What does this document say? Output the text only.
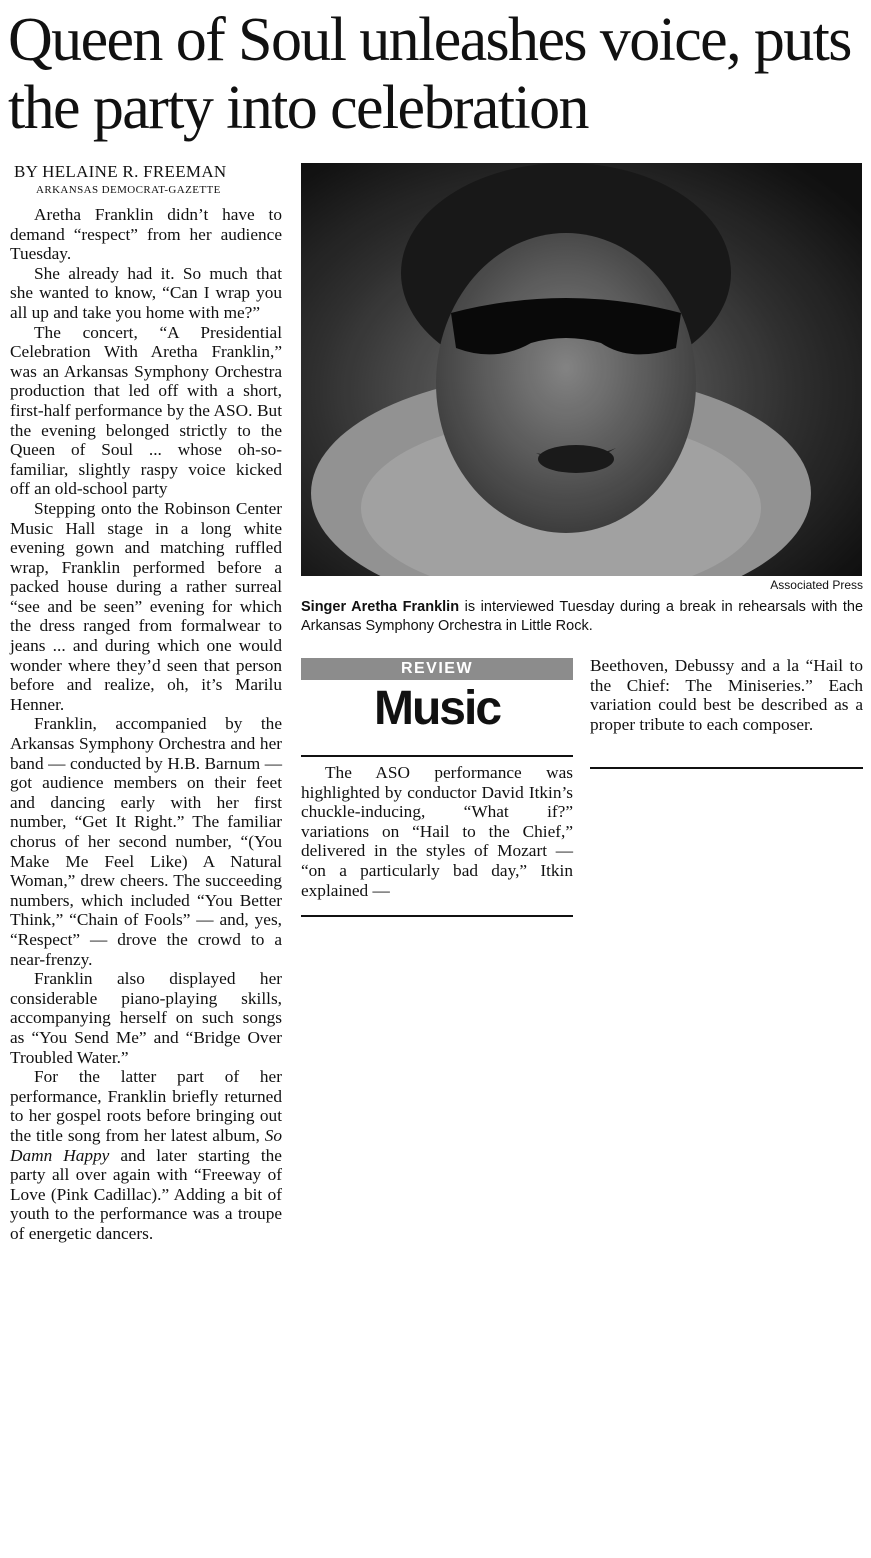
Queen of Soul unleashes voice, puts the party into celebration
BY HELAINE R. FREEMAN
ARKANSAS DEMOCRAT-GAZETTE

Aretha Franklin didn’t have to demand “respect” from her audience Tuesday.

She already had it. So much that she wanted to know, “Can I wrap you all up and take you home with me?”

The concert, “A Presidential Celebration With Aretha Franklin,” was an Arkansas Symphony Orchestra production that led off with a short, first-half performance by the ASO. But the evening belonged strictly to the Queen of Soul ... whose oh-so-familiar, slightly raspy voice kicked off an old-school party

Stepping onto the Robinson Center Music Hall stage in a long white evening gown and matching ruffled wrap, Franklin performed before a packed house during a rather surreal “see and be seen” evening for which the dress ranged from formalwear to jeans ... and during which one would wonder where they’d seen that person before and realize, oh, it’s Marilu Henner.

Franklin, accompanied by the Arkansas Symphony Orchestra and her band — conducted by H.B. Barnum — got audience members on their feet and dancing early with her first number, “Get It Right.” The familiar chorus of her second number, “(You Make Me Feel Like) A Natural Woman,” drew cheers. The succeeding numbers, which included “You Better Think,” “Chain of Fools” — and, yes, “Respect” — drove the crowd to a near-frenzy.

Franklin also displayed her considerable piano-playing skills, accompanying herself on such songs as “You Send Me” and “Bridge Over Troubled Water.”

For the latter part of her performance, Franklin briefly returned to her gospel roots before bringing out the title song from her latest album, So Damn Happy and later starting the party all over again with “Freeway of Love (Pink Cadillac).” Adding a bit of youth to the performance was a troupe of energetic dancers.

Associated Press
Singer Aretha Franklin is interviewed Tuesday during a break in rehearsals with the Arkansas Symphony Orchestra in Little Rock.
REVIEW
Music

The ASO performance was highlighted by conductor David Itkin’s chuckle-inducing, “What if?” variations on “Hail to the Chief,” delivered in the styles of Mozart — “on a particularly bad day,” Itkin explained —

Beethoven, Debussy and a la “Hail to the Chief: The Miniseries.” Each variation could best be described as a proper tribute to each composer.
